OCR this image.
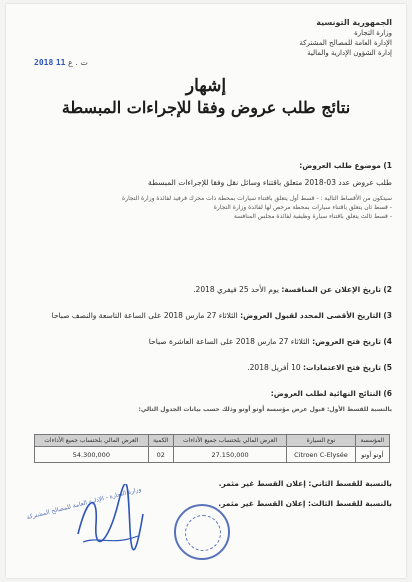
الجمهورية التونسية
وزارة التجارة
الإدارة العامة للمصالح المشتركة
إدارة الشؤون الإدارية والمالية
2018 ت . ع 11
إشهار
نتائج طلب عروض وفقا للإجراءات المبسطة
1) موضوع طلب العروض:
طلب عروض عدد 03-2018 متعلق باقتناء وسائل نقل وفقا للإجراءات المبسطة
سيتكون من الأقساط التالية : - قسط أول يتعلق باقتناء سيارات بمحطة ذات محرك قرفيد لفائدة وزارة التجارة
- قسط ثان يتعلق باقتناء سيارات بمحطة مرخص لها لفائدة وزارة التجارة
- قسط ثالث يتعلق باقتناء سيارة وظيفية لفائدة مجلس المنافسة
2) تاريخ الإعلان عن المنافسة: يوم الأحد 25 فيفري 2018.
3) التاريخ الأقصى المحدد لقبول العروض: الثلاثاء 27 مارس 2018 على الساعة التاسعة والنصف صباحا
4) تاريخ فتح العروض: الثلاثاء 27 مارس 2018 على الساعة العاشرة صباحا
5) تاريخ فتح الاعتمادات: 10 أفريل 2018.
6) النتائج النهائية لطلب العروض:
بالنسبة للقسط الأول: قبول عرض مؤسسة أوتو أوتو وذلك حسب بيانات الجدول التالي:
المؤسسة	نوع السيارة	العرض المالي بلحتساب جميع الأداءات	الكمية	العرض المالي بلحتساب جميع الأداءات
أوتو أوتو	Citroen C-Elysée	27.150,000	02	54.300,000
بالنسبة للقسط الثاني: إعلان القسط غير مثمر.
بالنسبة للقسط الثالث: إعلان القسط غير مثمر.
وزارة التجارة - الإدارة العامة للمصالح المشتركة
